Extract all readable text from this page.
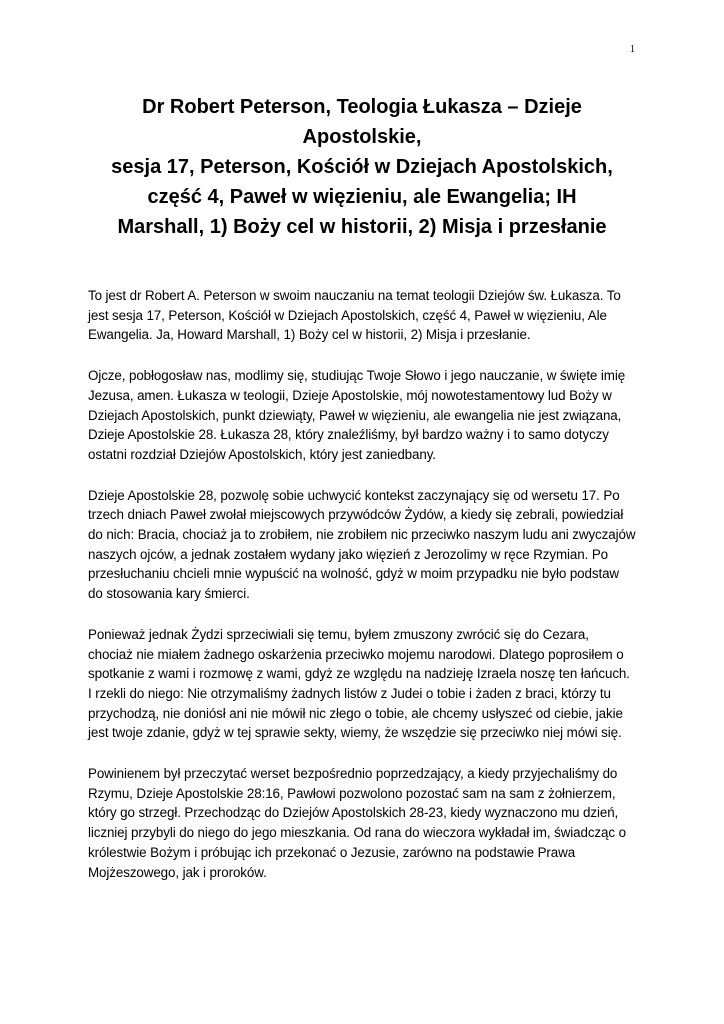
1
Dr Robert Peterson, Teologia Łukasza – Dzieje
Apostolskie,
sesja 17, Peterson, Kościół w Dziejach Apostolskich,
część 4, Paweł w więzieniu, ale Ewangelia; IH
Marshall, 1) Boży cel w historii, 2) Misja i przesłanie

To jest dr Robert A. Peterson w swoim nauczaniu na temat teologii Dziejów św. Łukasza. To jest sesja 17, Peterson, Kościół w Dziejach Apostolskich, część 4, Paweł w więzieniu, Ale Ewangelia. Ja, Howard Marshall, 1) Boży cel w historii, 2) Misja i przesłanie.

Ojcze, pobłogosław nas, modlimy się, studiując Twoje Słowo i jego nauczanie, w święte imię Jezusa, amen. Łukasza w teologii, Dzieje Apostolskie, mój nowotestamentowy lud Boży w Dziejach Apostolskich, punkt dziewiąty, Paweł w więzieniu, ale ewangelia nie jest związana, Dzieje Apostolskie 28. Łukasza 28, który znaleźliśmy, był bardzo ważny i to samo dotyczy ostatni rozdział Dziejów Apostolskich, który jest zaniedbany.

Dzieje Apostolskie 28, pozwolę sobie uchwycić kontekst zaczynający się od wersetu 17. Po trzech dniach Paweł zwołał miejscowych przywódców Żydów, a kiedy się zebrali, powiedział do nich: Bracia, chociaż ja to zrobiłem, nie zrobiłem nic przeciwko naszym ludu ani zwyczajów naszych ojców, a jednak zostałem wydany jako więzień z Jerozolimy w ręce Rzymian. Po przesłuchaniu chcieli mnie wypuścić na wolność, gdyż w moim przypadku nie było podstaw do stosowania kary śmierci.

Ponieważ jednak Żydzi sprzeciwiali się temu, byłem zmuszony zwrócić się do Cezara, chociaż nie miałem żadnego oskarżenia przeciwko mojemu narodowi. Dlatego poprosiłem o spotkanie z wami i rozmowę z wami, gdyż ze względu na nadzieję Izraela noszę ten łańcuch. I rzekli do niego: Nie otrzymaliśmy żadnych listów z Judei o tobie i żaden z braci, którzy tu przychodzą, nie doniósł ani nie mówił nic złego o tobie, ale chcemy usłyszeć od ciebie, jakie jest twoje zdanie, gdyż w tej sprawie sekty, wiemy, że wszędzie się przeciwko niej mówi się.

Powinienem był przeczytać werset bezpośrednio poprzedzający, a kiedy przyjechaliśmy do Rzymu, Dzieje Apostolskie 28:16, Pawłowi pozwolono pozostać sam na sam z żołnierzem, który go strzegł. Przechodząc do Dziejów Apostolskich 28-23, kiedy wyznaczono mu dzień, liczniej przybyli do niego do jego mieszkania. Od rana do wieczora wykładał im, świadcząc o królestwie Bożym i próbując ich przekonać o Jezusie, zarówno na podstawie Prawa Mojżeszowego, jak i proroków.
